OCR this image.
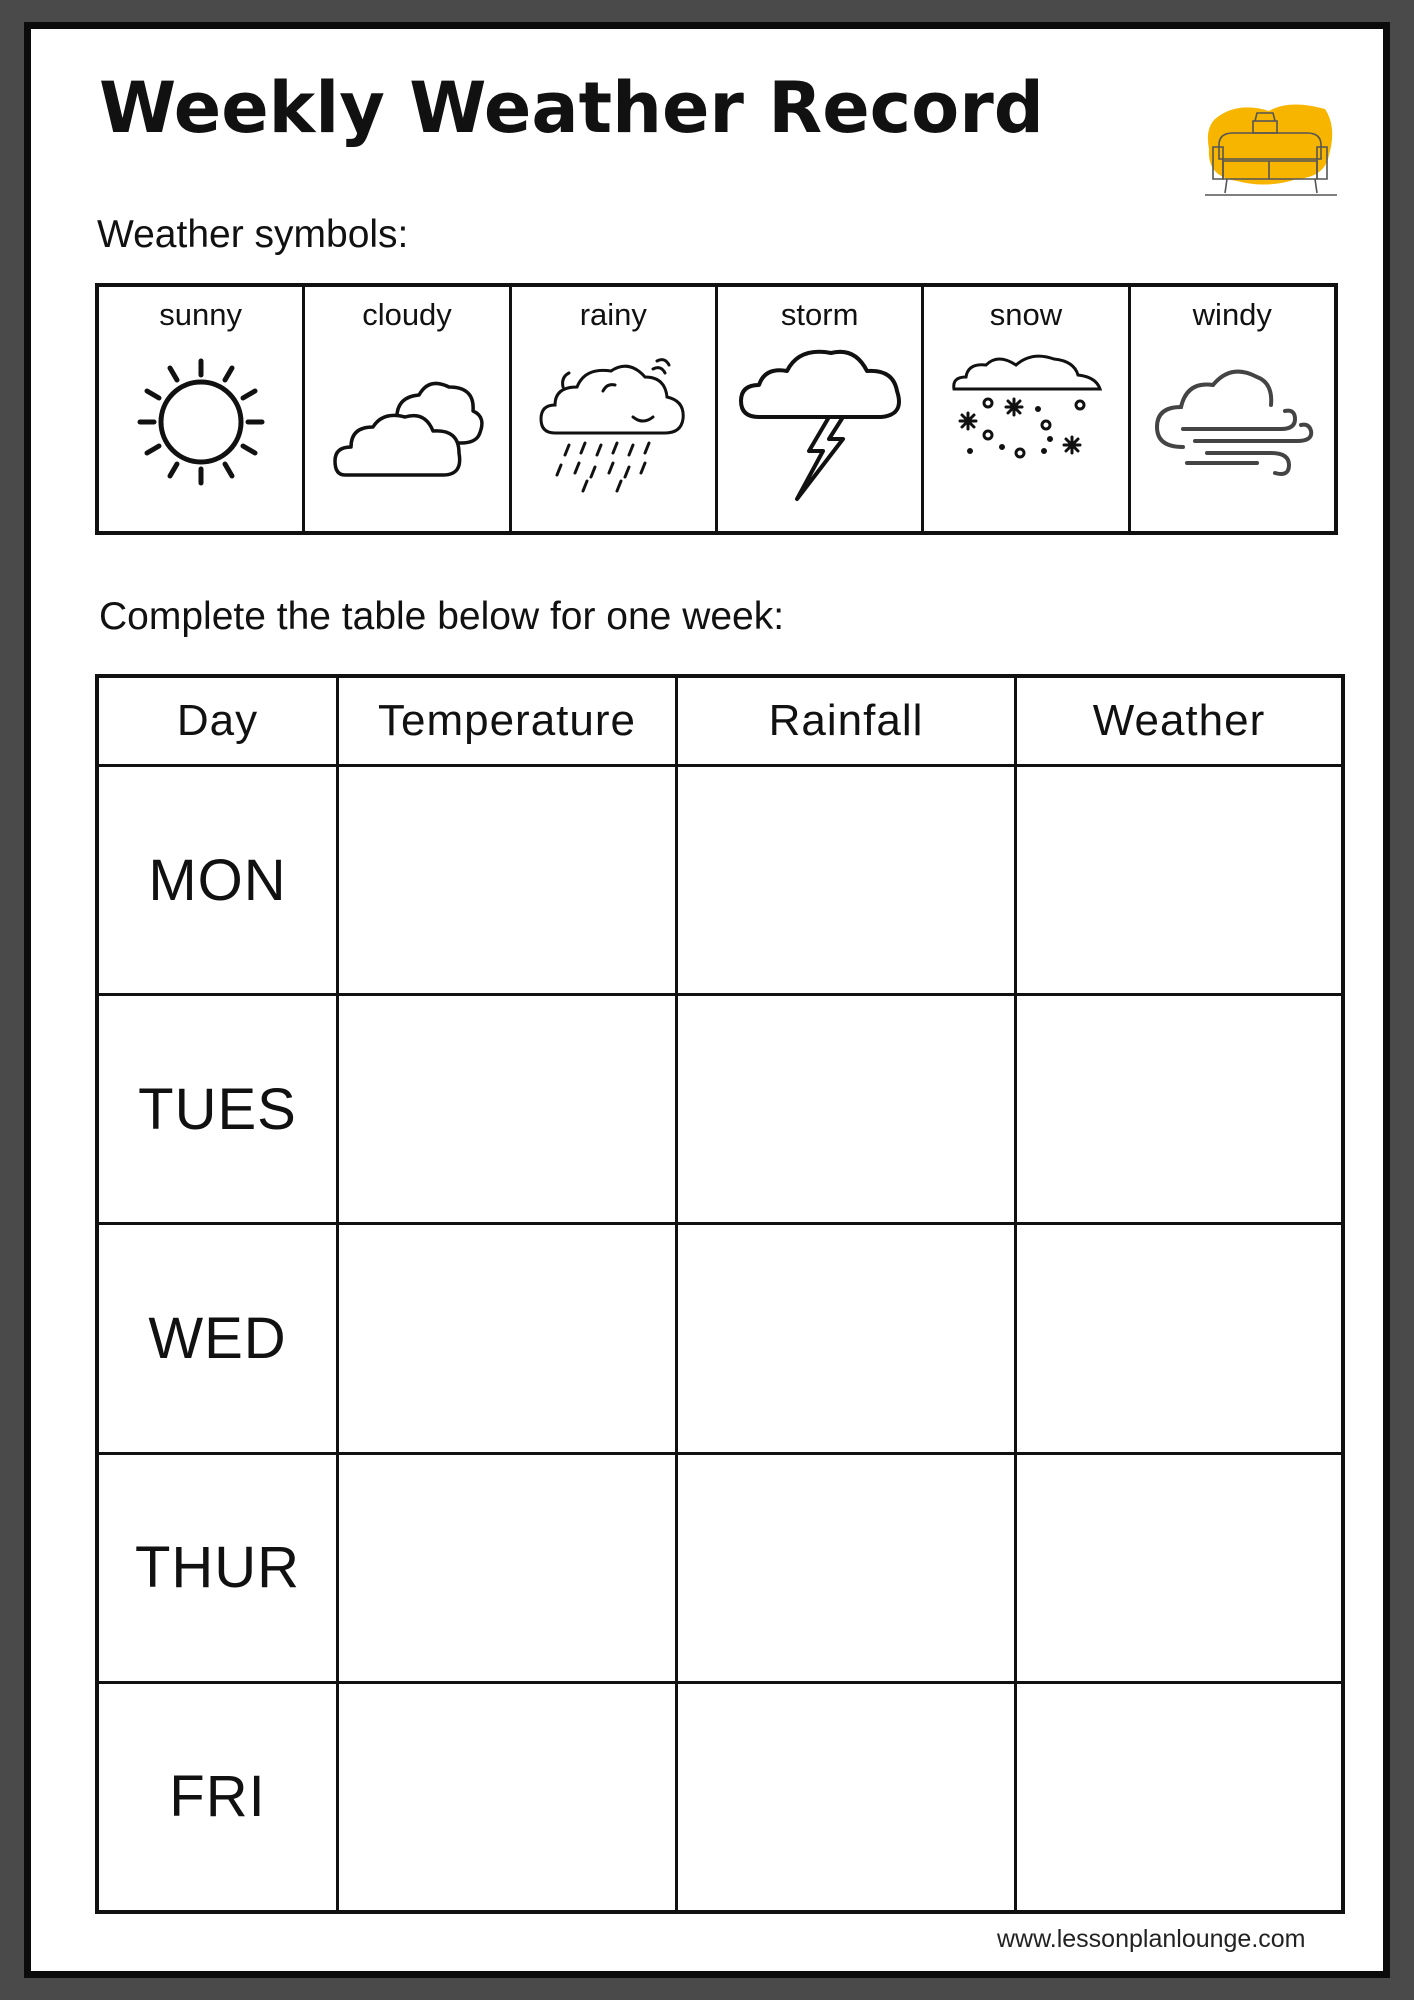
Weekly Weather Record
Weather symbols:
sunny	cloudy	rainy	storm	snow	windy
Complete the table below for one week:
Day	Temperature	Rainfall	Weather
MON			
TUES			
WED			
THUR			
FRI			
www.lessonplanlounge.com
